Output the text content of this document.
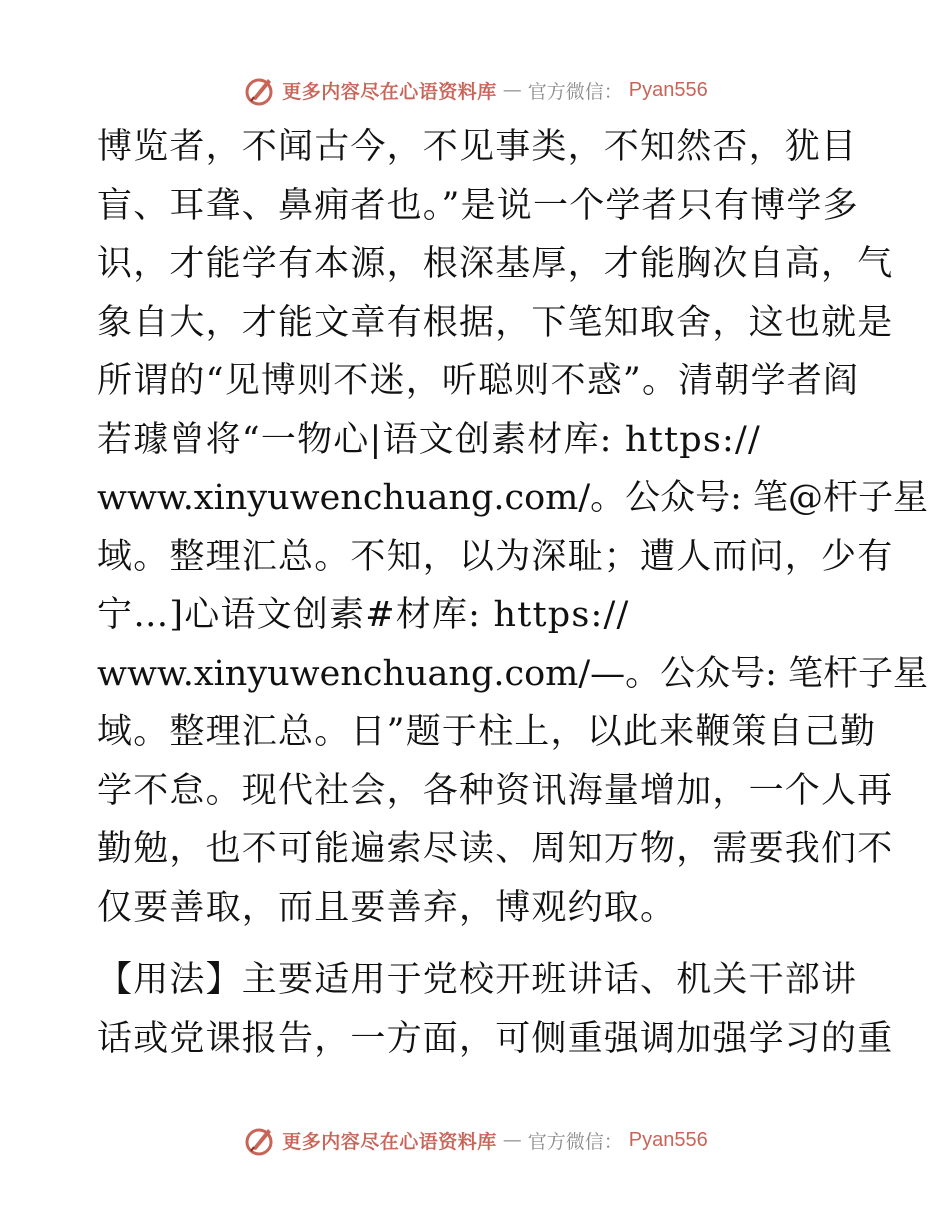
更多内容尽在心语资料库 — 官方微信： Pyan556
博览者，不闻古今，不见事类，不知然否，犹目
盲、耳聋、鼻痈者也。”是说一个学者只有博学多
识，才能学有本源，根深基厚，才能胸次自高，气
象自大，才能文章有根据，下笔知取舍，这也就是
所谓的“见博则不迷，听聪则不惑”。清朝学者阎
若璩曾将“一物心|语文创素材库: https://
www.xinyuwenchuang.com/。公众号: 笔@杆子星
域。整理汇总。不知，以为深耻；遭人而问，少有
宁…]心语文创素#材库: https://
www.xinyuwenchuang.com/—。公众号: 笔杆子星
域。整理汇总。日”题于柱上，以此来鞭策自己勤
学不怠。现代社会，各种资讯海量增加，一个人再
勤勉，也不可能遍索尽读、周知万物，需要我们不
仅要善取，而且要善弃，博观约取。
【用法】主要适用于党校开班讲话、机关干部讲
话或党课报告，一方面，可侧重强调加强学习的重
更多内容尽在心语资料库 — 官方微信： Pyan556
